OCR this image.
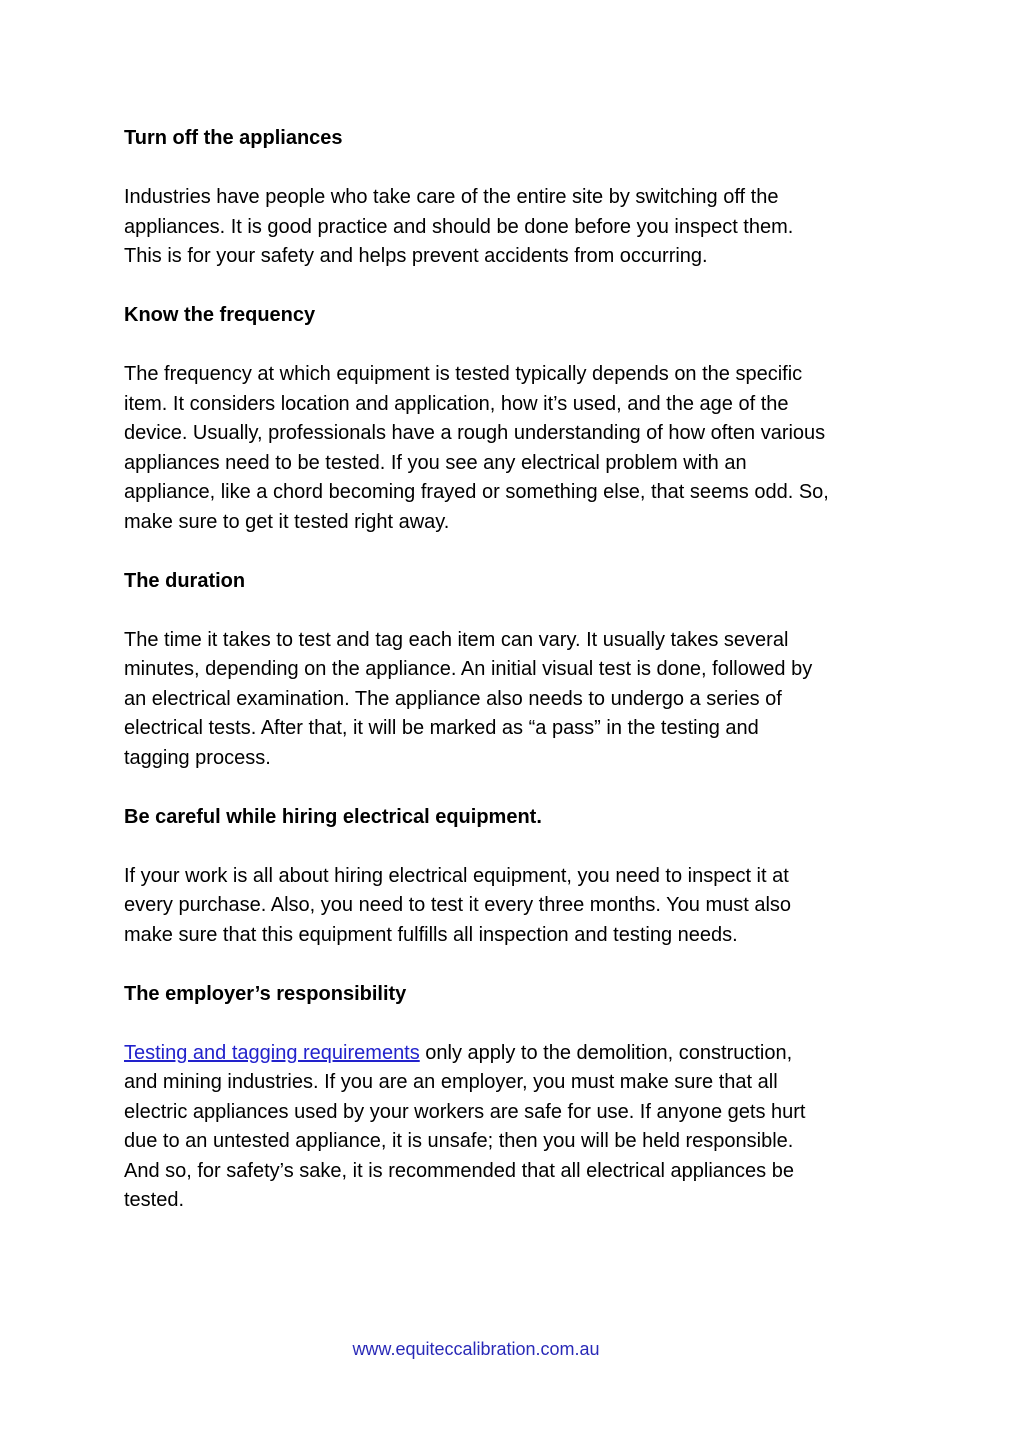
Turn off the appliances
Industries have people who take care of the entire site by switching off the
appliances. It is good practice and should be done before you inspect them.
This is for your safety and helps prevent accidents from occurring.
Know the frequency
The frequency at which equipment is tested typically depends on the specific
item. It considers location and application, how it’s used, and the age of the
device. Usually, professionals have a rough understanding of how often various
appliances need to be tested. If you see any electrical problem with an
appliance, like a chord becoming frayed or something else, that seems odd. So,
make sure to get it tested right away.
The duration
The time it takes to test and tag each item can vary. It usually takes several
minutes, depending on the appliance. An initial visual test is done, followed by
an electrical examination. The appliance also needs to undergo a series of
electrical tests. After that, it will be marked as “a pass” in the testing and
tagging process.
Be careful while hiring electrical equipment.
If your work is all about hiring electrical equipment, you need to inspect it at
every purchase. Also, you need to test it every three months. You must also
make sure that this equipment fulfills all inspection and testing needs.
The employer’s responsibility
Testing and tagging requirements only apply to the demolition, construction,
and mining industries. If you are an employer, you must make sure that all
electric appliances used by your workers are safe for use. If anyone gets hurt
due to an untested appliance, it is unsafe; then you will be held responsible.
And so, for safety’s sake, it is recommended that all electrical appliances be
tested.
www.equiteccalibration.com.au
